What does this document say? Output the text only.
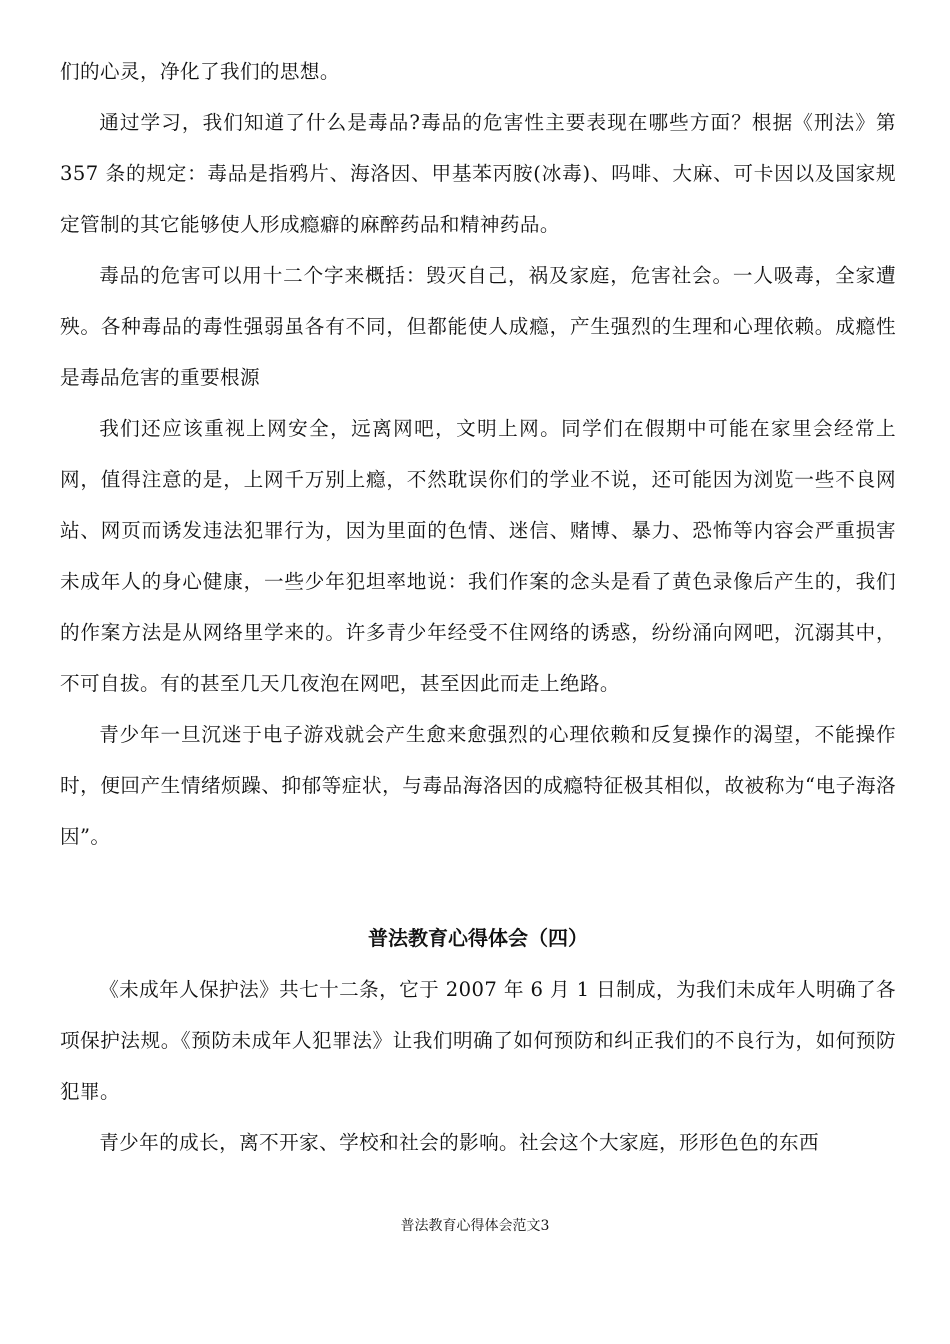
们的心灵，净化了我们的思想。

通过学习，我们知道了什么是毒品?毒品的危害性主要表现在哪些方面？根据《刑法》第 357 条的规定：毒品是指鸦片、海洛因、甲基苯丙胺(冰毒)、吗啡、大麻、可卡因以及国家规定管制的其它能够使人形成瘾癖的麻醉药品和精神药品。

毒品的危害可以用十二个字来概括：毁灭自己，祸及家庭，危害社会。一人吸毒，全家遭殃。各种毒品的毒性强弱虽各有不同，但都能使人成瘾，产生强烈的生理和心理依赖。成瘾性是毒品危害的重要根源

我们还应该重视上网安全，远离网吧，文明上网。同学们在假期中可能在家里会经常上网，值得注意的是，上网千万别上瘾，不然耽误你们的学业不说，还可能因为浏览一些不良网站、网页而诱发违法犯罪行为，因为里面的色情、迷信、赌博、暴力、恐怖等内容会严重损害未成年人的身心健康，一些少年犯坦率地说：我们作案的念头是看了黄色录像后产生的，我们的作案方法是从网络里学来的。许多青少年经受不住网络的诱惑，纷纷涌向网吧，沉溺其中，不可自拔。有的甚至几天几夜泡在网吧，甚至因此而走上绝路。

青少年一旦沉迷于电子游戏就会产生愈来愈强烈的心理依赖和反复操作的渴望，不能操作时，便回产生情绪烦躁、抑郁等症状，与毒品海洛因的成瘾特征极其相似，故被称为“电子海洛因”。

普法教育心得体会（四）

《未成年人保护法》共七十二条，它于 2007 年 6 月 1 日制成，为我们未成年人明确了各项保护法规。《预防未成年人犯罪法》让我们明确了如何预防和纠正我们的不良行为，如何预防犯罪。

青少年的成长，离不开家、学校和社会的影响。社会这个大家庭，形形色色的东西

普法教育心得体会范文3
